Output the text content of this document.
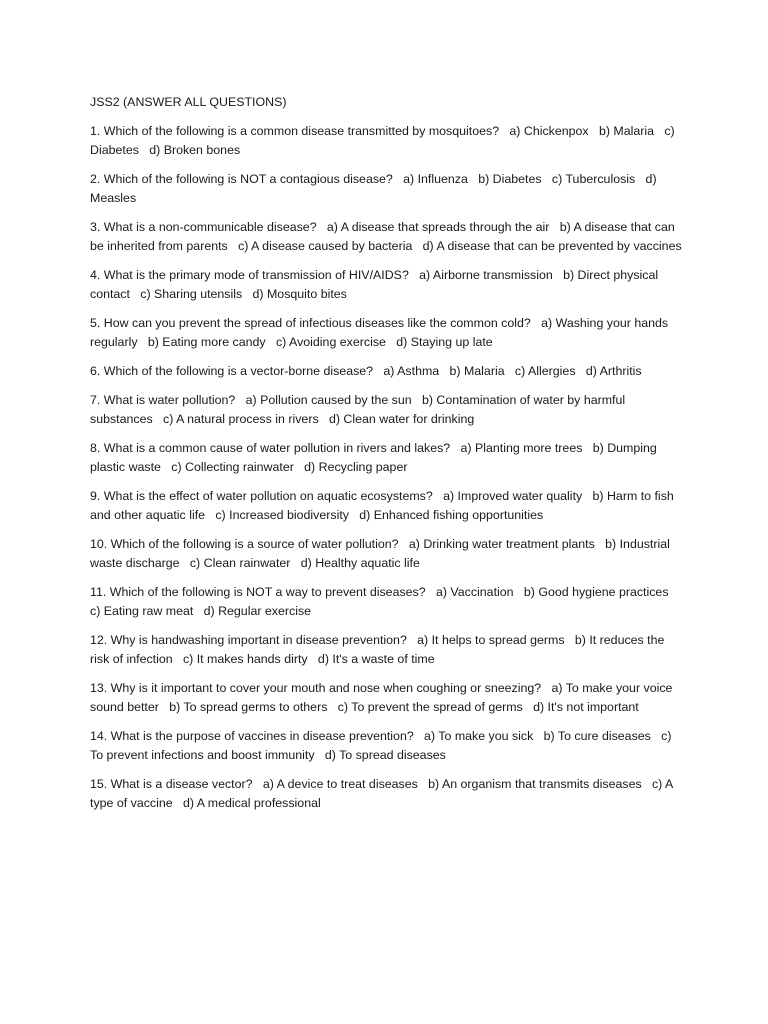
JSS2 (ANSWER ALL QUESTIONS)

1. Which of the following is a common disease transmitted by mosquitoes?   a) Chickenpox   b) Malaria   c) Diabetes   d) Broken bones

2. Which of the following is NOT a contagious disease?   a) Influenza   b) Diabetes   c) Tuberculosis   d) Measles

3. What is a non-communicable disease?   a) A disease that spreads through the air   b) A disease that can be inherited from parents   c) A disease caused by bacteria   d) A disease that can be prevented by vaccines

4. What is the primary mode of transmission of HIV/AIDS?   a) Airborne transmission   b) Direct physical contact   c) Sharing utensils   d) Mosquito bites

5. How can you prevent the spread of infectious diseases like the common cold?   a) Washing your hands regularly   b) Eating more candy   c) Avoiding exercise   d) Staying up late

6. Which of the following is a vector-borne disease?   a) Asthma   b) Malaria   c) Allergies   d) Arthritis

7. What is water pollution?   a) Pollution caused by the sun   b) Contamination of water by harmful substances   c) A natural process in rivers   d) Clean water for drinking

8. What is a common cause of water pollution in rivers and lakes?   a) Planting more trees   b) Dumping plastic waste   c) Collecting rainwater   d) Recycling paper

9. What is the effect of water pollution on aquatic ecosystems?   a) Improved water quality   b) Harm to fish and other aquatic life   c) Increased biodiversity   d) Enhanced fishing opportunities

10. Which of the following is a source of water pollution?   a) Drinking water treatment plants   b) Industrial waste discharge   c) Clean rainwater   d) Healthy aquatic life

11. Which of the following is NOT a way to prevent diseases?   a) Vaccination   b) Good hygiene practices   c) Eating raw meat   d) Regular exercise

12. Why is handwashing important in disease prevention?   a) It helps to spread germs   b) It reduces the risk of infection   c) It makes hands dirty   d) It's a waste of time

13. Why is it important to cover your mouth and nose when coughing or sneezing?   a) To make your voice sound better   b) To spread germs to others   c) To prevent the spread of germs   d) It's not important

14. What is the purpose of vaccines in disease prevention?   a) To make you sick   b) To cure diseases   c) To prevent infections and boost immunity   d) To spread diseases

15. What is a disease vector?   a) A device to treat diseases   b) An organism that transmits diseases   c) A type of vaccine   d) A medical professional
